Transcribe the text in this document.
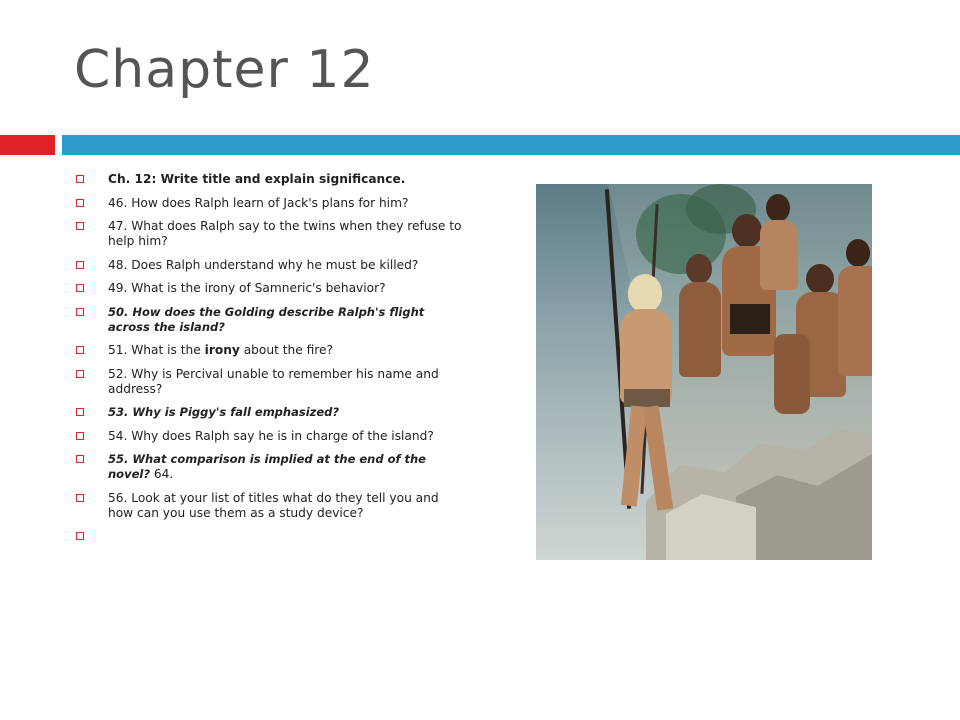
Chapter 12
Ch. 12: Write title and explain significance.
46. How does Ralph learn of Jack's plans for him?
47. What does Ralph say to the twins when they refuse to help him?
48. Does Ralph understand why he must be killed?
49. What is the irony of Samneric's behavior?
50. How does the Golding describe Ralph's flight across the island?
51. What is the irony about the fire?
52. Why is Percival unable to remember his name and address?
53. Why is Piggy's fall emphasized?
54. Why does Ralph say he is in charge of the island?
55. What comparison is implied at the end of the novel? 64.
56. Look at your list of titles what do they tell you and how can you use them as a study device?
